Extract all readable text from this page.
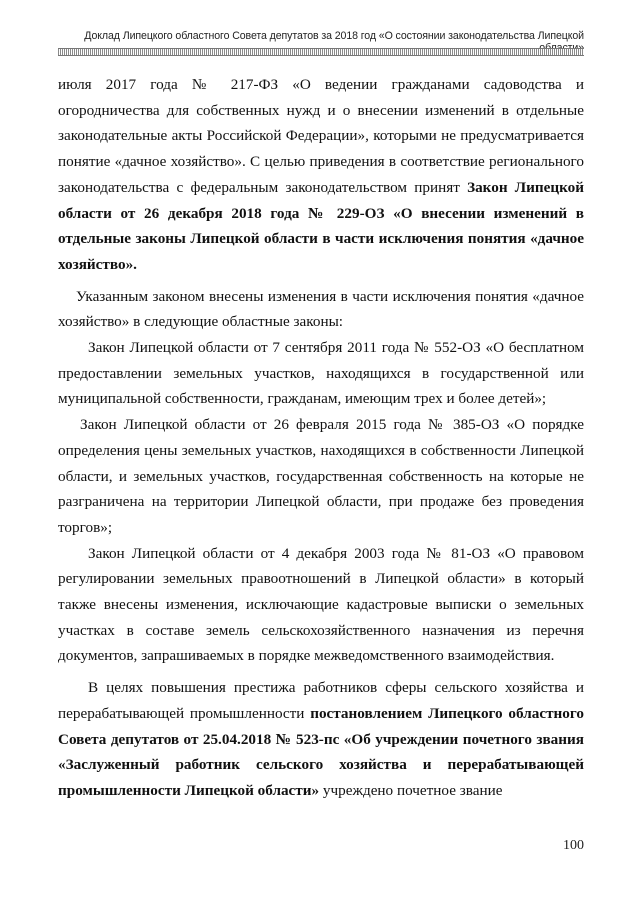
Доклад Липецкого областного Совета депутатов за 2018 год «О состоянии законодательства Липецкой

июля 2017 года № 217-ФЗ «О ведении гражданами садоводства и огородничества для собственных нужд и о внесении изменений в отдельные законодательные акты Российской Федерации», которыми не предусматривается понятие «дачное хозяйство». С целью приведения в соответствие регионального законодательства с федеральным законодательством принят Закон Липецкой области от 26 декабря 2018 года № 229-ОЗ «О внесении изменений в отдельные законы Липецкой области в части исключения понятия «дачное хозяйство».

Указанным законом внесены изменения в части исключения понятия «дачное хозяйство» в следующие областные законы:

Закон Липецкой области от 7 сентября 2011 года № 552-ОЗ «О бесплатном предоставлении земельных участков, находящихся в государственной или муниципальной собственности, гражданам, имеющим трех и более детей»;

Закон Липецкой области от 26 февраля 2015 года № 385-ОЗ «О порядке определения цены земельных участков, находящихся в собственности Липецкой области, и земельных участков, государственная собственность на которые не разграничена на территории Липецкой области, при продаже без проведения торгов»;

Закон Липецкой области от 4 декабря 2003 года № 81-ОЗ «О правовом регулировании земельных правоотношений в Липецкой области» в который также внесены изменения, исключающие кадастровые выписки о земельных участках в составе земель сельскохозяйственного назначения из перечня документов, запрашиваемых в порядке межведомственного взаимодействия.

В целях повышения престижа работников сферы сельского хозяйства и перерабатывающей промышленности постановлением Липецкого областного Совета депутатов от 25.04.2018 № 523-пс «Об учреждении почетного звания «Заслуженный работник сельского хозяйства и перерабатывающей промышленности Липецкой области» учреждено почетное звание

100
